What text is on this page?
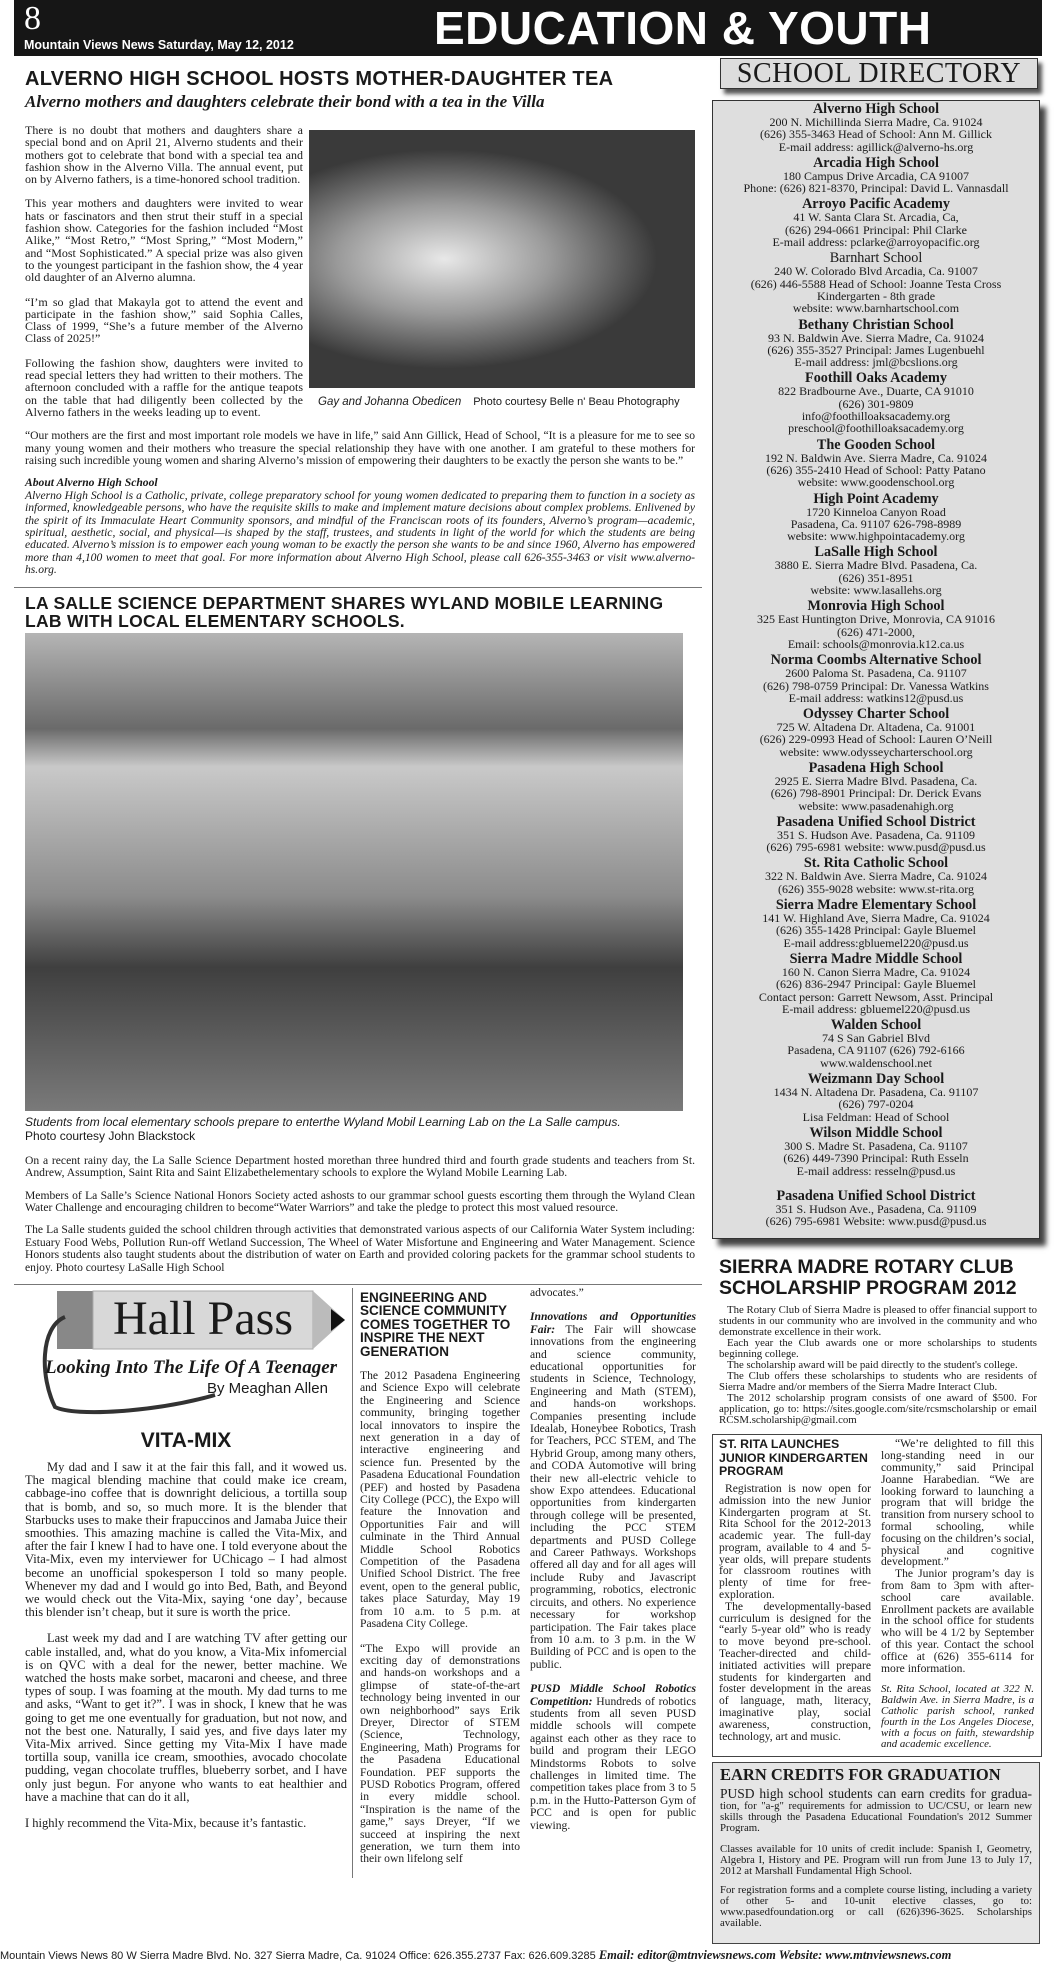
8
Mountain Views News Saturday, May 12, 2012	EDUCATION & YOUTH
SCHOOL DIRECTORY
ALVERNO HIGH SCHOOL HOSTS MOTHER-DAUGHTER TEA
Alverno mothers and daughters celebrate their bond with a tea in the Villa

There is no doubt that mothers and daughters share a special bond and on April 21, Alverno students and their mothers got to celebrate that bond with a special tea and fashion show in the Alverno Villa. The annual event, put on by Alverno fathers, is a time-honored school tradition.

This year mothers and daughters were invited to wear hats or fascinators and then strut their stuff in a special fashion show. Categories for the fashion included “Most Alike,” “Most Retro,” “Most Spring,” “Most Modern,” and “Most Sophisticated.” A special prize was also given to the youngest participant in the fashion show, the 4 year old daughter of an Alverno alumna.

“I’m so glad that Makayla got to attend the event and participate in the fashion show,” said Sophia Calles, Class of 1999, “She’s a future member of the Alverno Class of 2025!”

Following the fashion show, daughters were invited to read special letters they had written to their mothers. The afternoon concluded with a raffle for the antique teapots on the table that had diligently been collected by the Alverno fathers in the weeks leading up to event.

Gay and Johanna Obedicen Photo courtesy Belle n' Beau Photography

“Our mothers are the first and most important role models we have in life,” said Ann Gillick, Head of School, “It is a pleasure for me to see so many young women and their mothers who treasure the special relationship they have with one another. I am grateful to these mothers for raising such incredible young women and sharing Alverno’s mission of empowering their daughters to be exactly the person she wants to be.”

About Alverno High School

Alverno High School is a Catholic, private, college preparatory school for young women dedicated to preparing them to function in a society as informed, knowledgeable persons, who have the requisite skills to make and implement mature decisions about complex problems. Enlivened by the spirit of its Immaculate Heart Community sponsors, and mindful of the Franciscan roots of its founders, Alverno’s program—academic, spiritual, aesthetic, social, and physical—is shaped by the staff, trustees, and students in light of the world for which the students are being educated. Alverno’s mission is to empower each young woman to be exactly the person she wants to be and since 1960, Alverno has empowered more than 4,100 women to meet that goal. For more information about Alverno High School, please call 626-355-3463 or visit www.alverno-hs.org.

LA SALLE SCIENCE DEPARTMENT SHARES WYLAND MOBILE LEARNING LAB WITH LOCAL ELEMENTARY SCHOOLS.
Students from local elementary schools prepare to enterthe Wyland Mobil Learning Lab on the La Salle campus.
Photo courtesy John Blackstock

On a recent rainy day, the La Salle Science Department hosted morethan three hundred third and fourth grade students and teachers from St. Andrew, Assumption, Saint Rita and Saint Elizabethelementary schools to explore the Wyland Mobile Learning Lab.

Members of La Salle’s Science National Honors Society acted ashosts to our grammar school guests escorting them through the Wyland Clean Water Challenge and encouraging children to become“Water Warriors” and take the pledge to protect this most valued resource.

The La Salle students guided the school children through activities that demonstrated various aspects of our California Water System including: Estuary Food Webs, Pollution Run-off Wetland Succession, The Wheel of Water Misfortune and Engineering and Water Management. Science Honors students also taught students about the distribution of water on Earth and provided coloring packets for the grammar school students to enjoy. Photo courtesy LaSalle High School

Hall Pass
Looking Into The Life Of A Teenager
By Meaghan Allen
VITA-MIX

My dad and I saw it at the fair this fall, and it wowed us. The magical blending machine that could make ice cream, cabbage-ino coffee that is downright delicious, a tortilla soup that is bomb, and so, so much more. It is the blender that Starbucks uses to make their frapuccinos and Jamaba Juice their smoothies. This amazing machine is called the Vita-Mix, and after the fair I knew I had to have one. I told everyone about the Vita-Mix, even my interviewer for UChicago – I had almost become an unofficial spokesperson I told so many people. Whenever my dad and I would go into Bed, Bath, and Beyond we would check out the Vita-Mix, saying ‘one day’, because this blender isn’t cheap, but it sure is worth the price.

Last week my dad and I are watching TV after getting our cable installed, and, what do you know, a Vita-Mix infomercial is on QVC with a deal for the newer, better machine. We watched the hosts make sorbet, macaroni and cheese, and three types of soup. I was foaming at the mouth. My dad turns to me and asks, “Want to get it?”. I was in shock, I knew that he was going to get me one eventually for graduation, but not now, and not the best one. Naturally, I said yes, and five days later my Vita-Mix arrived. Since getting my Vita-Mix I have made tortilla soup, vanilla ice cream, smoothies, avocado chocolate pudding, vegan chocolate truffles, blueberry sorbet, and I have only just begun. For anyone who wants to eat healthier and have a machine that can do it all,

I highly recommend the Vita-Mix, because it’s fantastic.

ENGINEERING AND SCIENCE COMMUNITY COMES TOGETHER TO INSPIRE THE NEXT GENERATION

The 2012 Pasadena Engineering and Science Expo will celebrate the Engineering and Science community, bringing together local innovators to inspire the next generation in a day of interactive engineering and science fun. Presented by the Pasadena Educational Foundation (PEF) and hosted by Pasadena City College (PCC), the Expo will feature the Innovation and Opportunities Fair and will culminate in the Third Annual Middle School Robotics Competition of the Pasadena Unified School District. The free event, open to the general public, takes place Saturday, May 19 from 10 a.m. to 5 p.m. at Pasadena City College.

“The Expo will provide an exciting day of demonstrations and hands-on workshops and a glimpse of state-of-the-art technology being invented in our own neighborhood” says Erik Dreyer, Director of STEM (Science, Technology, Engineering, Math) Programs for the Pasadena Educational Foundation. PEF supports the PUSD Robotics Program, offered in every middle school. “Inspiration is the name of the game,” says Dreyer, “If we succeed at inspiring the next generation, we turn them into their own lifelong self

advocates.”

Innovations and Opportunities Fair: The Fair will showcase innovations from the engineering and science community, educational opportunities for students in Science, Technology, Engineering and Math (STEM), and hands-on workshops. Companies presenting include Idealab, Honeybee Robotics, Trash for Teachers, PCC STEM, and The Hybrid Group, among many others, and CODA Automotive will bring their new all-electric vehicle to show Expo attendees. Educational opportunities from kindergarten through college will be presented, including the PCC STEM departments and PUSD College and Career Pathways. Workshops offered all day and for all ages will include Ruby and Javascript programming, robotics, electronic circuits, and others. No experience necessary for workshop participation. The Fair takes place from 10 a.m. to 3 p.m. in the W Building of PCC and is open to the public.

PUSD Middle School Robotics Competition: Hundreds of robotics students from all seven PUSD middle schools will compete against each other as they race to build and program their LEGO Mindstorms Robots to solve challenges in limited time. The competition takes place from 3 to 5 p.m. in the Hutto-Patterson Gym of PCC and is open for public viewing.

Alverno High School
200 N. Michillinda Sierra Madre, Ca. 91024
(626) 355-3463 Head of School: Ann M. Gillick
E-mail address: agillick@alverno-hs.org
Arcadia High School
180 Campus Drive Arcadia, CA 91007
Phone: (626) 821-8370, Principal: David L. Vannasdall
Arroyo Pacific Academy
41 W. Santa Clara St. Arcadia, Ca,
(626) 294-0661 Principal: Phil Clarke
E-mail address: pclarke@arroyopacific.org
Barnhart School
240 W. Colorado Blvd Arcadia, Ca. 91007
(626) 446-5588 Head of School: Joanne Testa Cross
Kindergarten - 8th grade
website: www.barnhartschool.com
Bethany Christian School
93 N. Baldwin Ave. Sierra Madre, Ca. 91024
(626) 355-3527 Principal: James Lugenbuehl
E-mail address: jml@bcslions.org
Foothill Oaks Academy
822 Bradbourne Ave., Duarte, CA 91010
(626) 301-9809
info@foothilloaksacademy.org
preschool@foothilloaksacademy.org
The Gooden School
192 N. Baldwin Ave. Sierra Madre, Ca. 91024
(626) 355-2410 Head of School: Patty Patano
website: www.goodenschool.org
High Point Academy
1720 Kinneloa Canyon Road
Pasadena, Ca. 91107 626-798-8989
website: www.highpointacademy.org
LaSalle High School
3880 E. Sierra Madre Blvd. Pasadena, Ca.
(626) 351-8951
website: www.lasallehs.org
Monrovia High School
325 East Huntington Drive, Monrovia, CA 91016
(626) 471-2000,
Email: schools@monrovia.k12.ca.us
Norma Coombs Alternative School
2600 Paloma St. Pasadena, Ca. 91107
(626) 798-0759 Principal: Dr. Vanessa Watkins
E-mail address: watkins12@pusd.us
Odyssey Charter School
725 W. Altadena Dr. Altadena, Ca. 91001
(626) 229-0993 Head of School: Lauren O’Neill
website: www.odysseycharterschool.org
Pasadena High School
2925 E. Sierra Madre Blvd. Pasadena, Ca.
(626) 798-8901 Principal: Dr. Derick Evans
website: www.pasadenahigh.org
Pasadena Unified School District
351 S. Hudson Ave. Pasadena, Ca. 91109
(626) 795-6981 website: www.pusd@pusd.us
St. Rita Catholic School
322 N. Baldwin Ave. Sierra Madre, Ca. 91024
(626) 355-9028 website: www.st-rita.org
Sierra Madre Elementary School
141 W. Highland Ave, Sierra Madre, Ca. 91024
(626) 355-1428 Principal: Gayle Bluemel
E-mail address:gbluemel220@pusd.us
Sierra Madre Middle School
160 N. Canon Sierra Madre, Ca. 91024
(626) 836-2947 Principal: Gayle Bluemel
Contact person: Garrett Newsom, Asst. Principal
E-mail address: gbluemel220@pusd.us
Walden School
74 S San Gabriel Blvd
Pasadena, CA 91107 (626) 792-6166
www.waldenschool.net
Weizmann Day School
1434 N. Altadena Dr. Pasadena, Ca. 91107
(626) 797-0204
Lisa Feldman: Head of School
Wilson Middle School
300 S. Madre St. Pasadena, Ca. 91107
(626) 449-7390 Principal: Ruth Esseln
E-mail address: resseln@pusd.us
Pasadena Unified School District
351 S. Hudson Ave., Pasadena, Ca. 91109
(626) 795-6981 Website: www.pusd@pusd.us
SIERRA MADRE ROTARY CLUB SCHOLARSHIP PROGRAM 2012
The Rotary Club of Sierra Madre is pleased to offer financial support to students in our community who are involved in the community and who demonstrate excellence in their work.
Each year the Club awards one or more scholarships to students beginning college.
The scholarship award will be paid directly to the student's college.
The Club offers these scholarships to students who are residents of Sierra Madre and/or members of the Sierra Madre Interact Club.
The 2012 scholarship program consists of one award of $500. For application, go to: https://sites.google.com/site/rcsmscholarship or email RCSM.scholarship@gmail.com
ST. RITA LAUNCHES JUNIOR KINDERGARTEN PROGRAM
Registration is now open for admission into the new Junior Kindergarten program at St. Rita School for the 2012-2013 academic year. The full-day program, available to 4 and 5-year olds, will prepare students for classroom routines with plenty of time for free-exploration.
The developmentally-based curriculum is designed for the “early 5-year old” who is ready to move beyond pre-school. Teacher-directed and child-initiated activities will prepare students for kindergarten and foster development in the areas of language, math, literacy, imaginative play, social awareness, construction, technology, art and music.
“We’re delighted to fill this long-standing need in our community,” said Principal Joanne Harabedian. “We are looking forward to launching a program that will bridge the transition from nursery school to formal schooling, while focusing on the children’s social, physical and cognitive development.”
The Junior program’s day is from 8am to 3pm with after-school care available. Enrollment packets are available in the school office for students who will be 4 1/2 by September of this year. Contact the school office at (626) 355-6114 for more information.
St. Rita School, located at 322 N. Baldwin Ave. in Sierra Madre, is a Catholic parish school, ranked fourth in the Los Angeles Diocese, with a focus on faith, stewardship and academic excellence.
EARN CREDITS FOR GRADUATION
PUSD high school students can earn credits for gradua- tion, for "a-g" requirements for admission to UC/CSU, or learn new skills through the Pasadena Educational Foundation's 2012 Summer Program.
Classes available for 10 units of credit include: Spanish I, Geometry, Algebra I, History and PE. Program will run from June 13 to July 17, 2012 at Marshall Fundamental High School.
For registration forms and a complete course listing, including a variety of other 5- and 10-unit elective classes, go to: www.pasedfoundation.org or call (626)396-3625. Scholarships available.
Mountain Views News 80 W Sierra Madre Blvd. No. 327 Sierra Madre, Ca. 91024 Office: 626.355.2737 Fax: 626.609.3285 Email: editor@mtnviewsnews.com Website: www.mtnviewsnews.com
